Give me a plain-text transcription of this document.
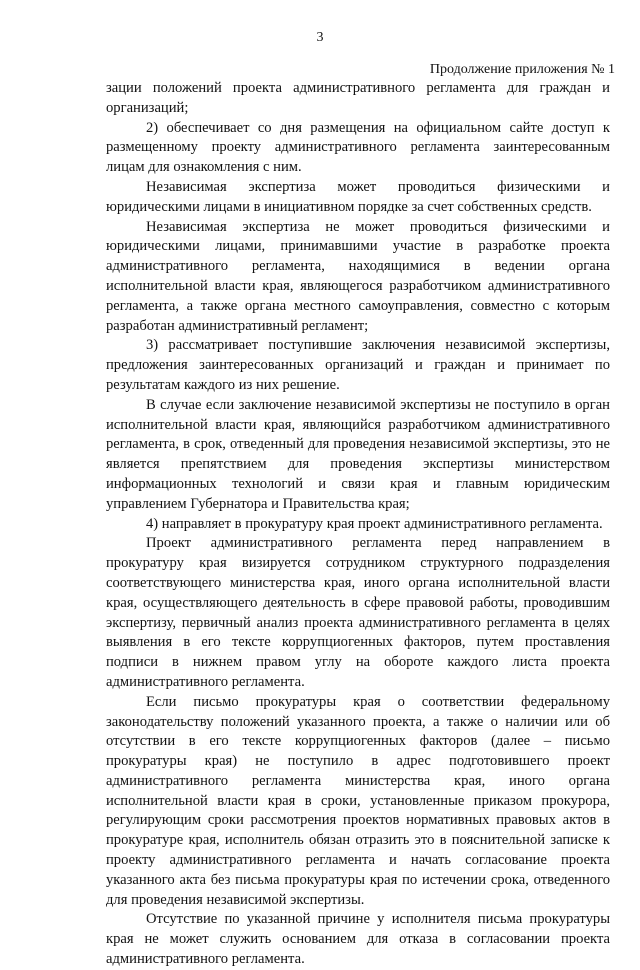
3
Продолжение приложения № 1

зации положений проекта административного регламента для граждан и организаций;

2) обеспечивает со дня размещения на официальном сайте доступ к размещенному проекту административного регламента заинтересованным лицам для ознакомления с ним.

Независимая экспертиза может проводиться физическими и юридическими лицами в инициативном порядке за счет собственных средств.

Независимая экспертиза не может проводиться физическими и юридическими лицами, принимавшими участие в разработке проекта административного регламента, находящимися в ведении органа исполнительной власти края, являющегося разработчиком административного регламента, а также органа местного самоуправления, совместно с которым разработан административный регламент;

3) рассматривает поступившие заключения независимой экспертизы, предложения заинтересованных организаций и граждан и принимает по результатам каждого из них решение.

В случае если заключение независимой экспертизы не поступило в орган исполнительной власти края, являющийся разработчиком административного регламента, в срок, отведенный для проведения независимой экспертизы, это не является препятствием для проведения экспертизы министерством информационных технологий и связи края и главным юридическим управлением Губернатора и Правительства края;

4) направляет в прокуратуру края проект административного регламента.

Проект административного регламента перед направлением в прокуратуру края визируется сотрудником структурного подразделения соответствующего министерства края, иного органа исполнительной власти края, осуществляющего деятельность в сфере правовой работы, проводившим экспертизу, первичный анализ проекта административного регламента в целях выявления в его тексте коррупциогенных факторов, путем проставления подписи в нижнем правом углу на обороте каждого листа проекта административного регламента.

Если письмо прокуратуры края о соответствии федеральному законодательству положений указанного проекта, а также о наличии или об отсутствии в его тексте коррупциогенных факторов (далее – письмо прокуратуры края) не поступило в адрес подготовившего проект административного регламента министерства края, иного органа исполнительной власти края в сроки, установленные приказом прокурора, регулирующим сроки рассмотрения проектов нормативных правовых актов в прокуратуре края, исполнитель обязан отразить это в пояснительной записке к проекту административного регламента и начать согласование проекта указанного акта без письма прокуратуры края по истечении срока, отведенного для проведения независимой экспертизы.

Отсутствие по указанной причине у исполнителя письма прокуратуры края не может служить основанием для отказа в согласовании проекта административного регламента.
